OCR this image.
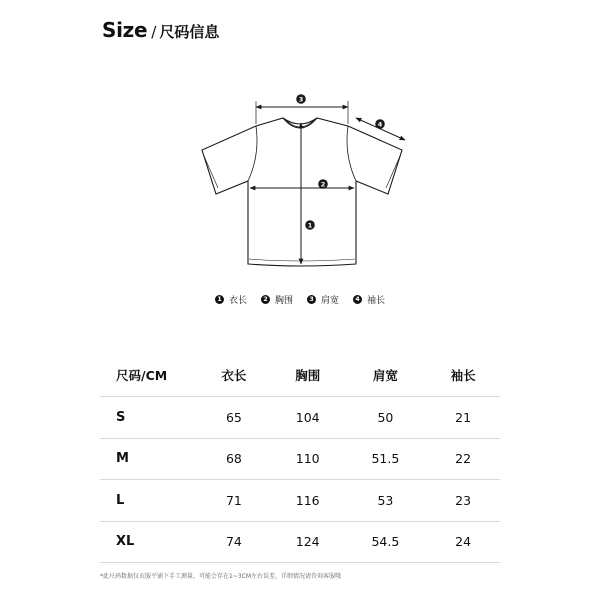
Size / 尺码信息
3
2
1
4
1 衣长	2 胸围	3 肩宽	4 袖长
尺码/CM	衣长	胸围	肩宽	袖长
S	65	104	50	21
M	68	110	51.5	22
L	71	116	53	23
XL	74	124	54.5	24
*此尺码数据仅衣服平铺下手工测量，可能会存在1~3CM左右误差，详细情况请咨询客服哦
